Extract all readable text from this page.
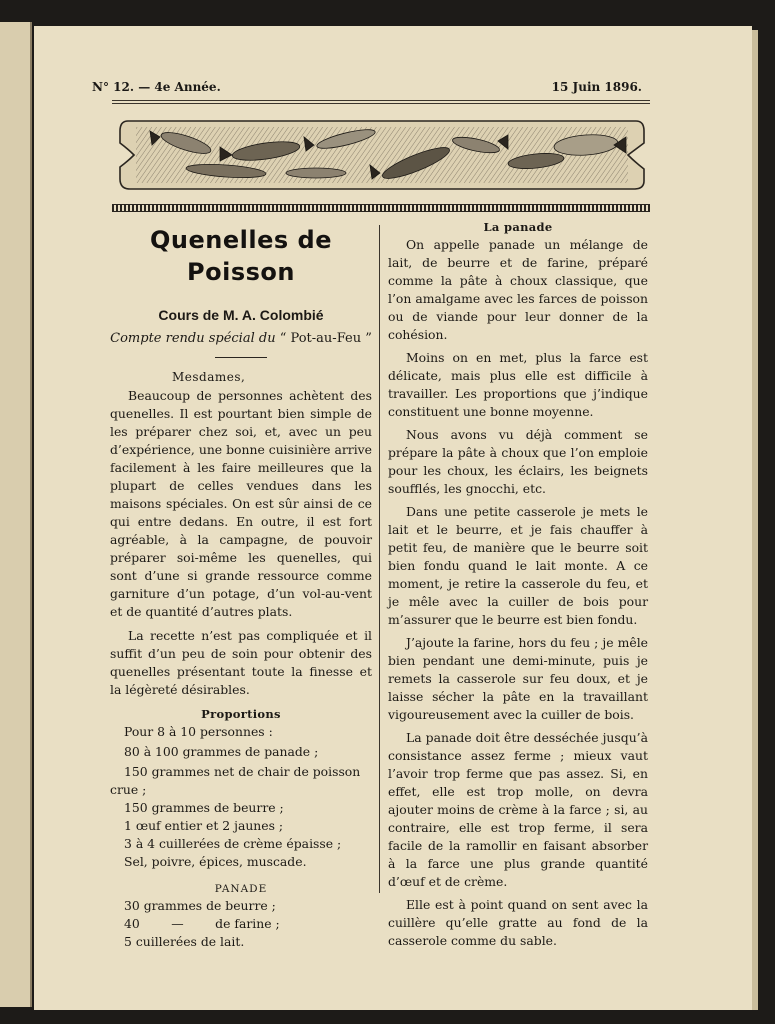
N° 12. — 4e Année.	15 Juin 1896.
Quenelles de Poisson
Cours de M. A. Colombié
Compte rendu spécial du “ Pot-au-Feu ”
Mesdames,

Beaucoup de personnes achètent des quenelles. Il est pourtant bien simple de les préparer chez soi, et, avec un peu d’expérience, une bonne cuisinière arrive facilement à les faire meilleures que la plupart de celles vendues dans les maisons spéciales. On est sûr ainsi de ce qui entre dedans. En outre, il est fort agréable, à la campagne, de pouvoir préparer soi-même les quenelles, qui sont d’une si grande ressource comme garniture d’un potage, d’un vol-au-vent et de quantité d’autres plats.

La recette n’est pas compliquée et il suffit d’un peu de soin pour obtenir des quenelles présentant toute la finesse et la légèreté désirables.

Proportions
Pour 8 à 10 personnes :
80 à 100 grammes de panade ;
150 grammes net de chair de poisson crue ;
150 grammes de beurre ;
1 œuf entier et 2 jaunes ;
3 à 4 cuillerées de crème épaisse ;
Sel, poivre, épices, muscade.
PANADE
30 grammes de beurre ;
40        —        de farine ;
5 cuillerées de lait.
La panade

On appelle panade un mélange de lait, de beurre et de farine, préparé comme la pâte à choux classique, que l’on amalgame avec les farces de poisson ou de viande pour leur donner de la cohésion.

Moins on en met, plus la farce est délicate, mais plus elle est difficile à travailler. Les proportions que j’indique constituent une bonne moyenne.

Nous avons vu déjà comment se prépare la pâte à choux que l’on emploie pour les choux, les éclairs, les beignets soufflés, les gnocchi, etc.

Dans une petite casserole je mets le lait et le beurre, et je fais chauffer à petit feu, de manière que le beurre soit bien fondu quand le lait monte. A ce moment, je retire la casserole du feu, et je mêle avec la cuiller de bois pour m’assurer que le beurre est bien fondu.

J’ajoute la farine, hors du feu ; je mêle bien pendant une demi-minute, puis je remets la casserole sur feu doux, et je laisse sécher la pâte en la travaillant vigoureusement avec la cuiller de bois.

La panade doit être desséchée jusqu’à consistance assez ferme ; mieux vaut l’avoir trop ferme que pas assez. Si, en effet, elle est trop molle, on devra ajouter moins de crème à la farce ; si, au contraire, elle est trop ferme, il sera facile de la ramollir en faisant absorber à la farce une plus grande quantité d’œuf et de crème.

Elle est à point quand on sent avec la cuillère qu’elle gratte au fond de la casserole comme du sable.
